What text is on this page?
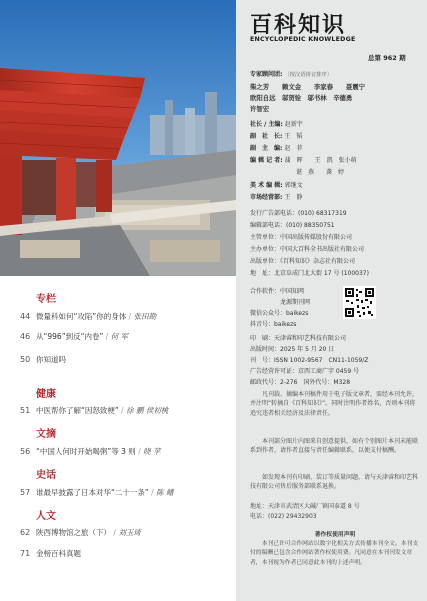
专栏
44 微量科如何“攻陷”你的身体 / 张田勘
46 从“996”到反“内卷” / 何 军
50 你知道吗
健康
51 中医帮你了解“因怒致梗” / 徐 鹏 侯初桃
文摘
56 “中国人何时开始喝粥”等 3 则 / 晓 苹
史话
57 谁最早披露了日本对华“二十一条” / 陈 鳍
人文
62 陕西博物馆之旅（下） / 刘玉琦
71 金榜百科真题
百科知识
ENCYCLOPEDIC KNOWLEDGE
总第 962 期
专家顾问团: 〔按汉语拼音排序〕
柴之芳　　赖文金　　李家春　　聂震宁
欧阳自远　邬贺铨　邬书林　辛德勇
许智宏
社长 / 主编: 赵新宇
副　社　长: 王　韬
副　主　编: 赵　菲
编 辑 记 者: 蒲　晖　　王　凯　张小萌
谌　燕　　龚　婷
美 术 编 辑: 郭继文
市场经营部: 王　静
发行广告部电话：(010) 68317319
编辑部电话：(010) 88350751
主管单位：中国出版传媒股份有限公司
主办单位：中国大百科全书出版社有限公司
出版单位：《百科知识》杂志社有限公司
地　址：北京阜成门北大街 17 号 (100037)
合作软件：中国知网
　　　　　龙源期刊网
微信公众号：baikezs
抖音号：baikezs
印　刷：天津睿和印艺科技有限公司
出版时间：2025 年 5 月 20 日
刊　号：ISSN 1002-9567　CN11-1059/Z
广告经营许可证：京西工商广字 0459 号
邮政代号：2-276　国外代号：M328
　　凡刊载、摘编本刊稿件用于电子版文章者，需经本刊允许，并注明“转摘自《百科知识》”。同时注明作者姓名，否则本刊将追究违者相关经济及法律责任。
　　本刊部分图片内图来自创意提供，如有个别图片本刊未能联系到作者，请作者直接与责任编辑联系，以便支付稿酬。
　　如发现本刊有印刷、装订等质量问题，请与天津睿和印艺科技有限公司售后服务部联系退换。
地址：天津市武清区大碱厂镇国泰道 8 号
电话：(022) 29432903
著作权使用声明
　　本刊已许可合作网站以数字化相关方式传播本刊全文。本刊支付的稿酬已包含合作网站著作权使用费。凡同意在本刊刊发文章者，本刊视为作者已同意此本刊的上述声明。
